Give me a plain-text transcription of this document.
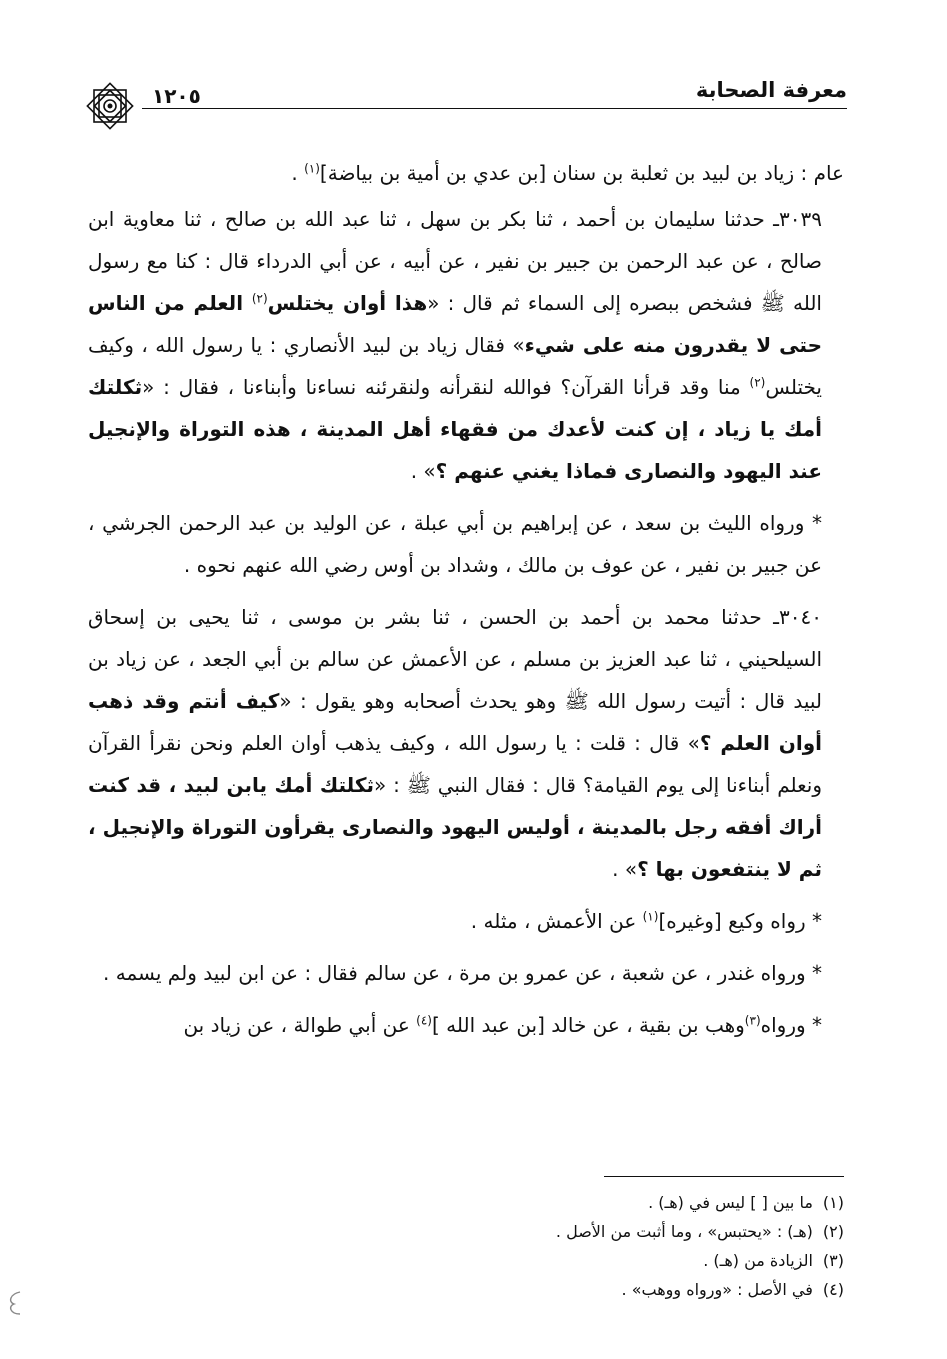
معرفة الصحابة
١٢٠٥

عام : زياد بن لبيد بن ثعلبة بن سنان [بن عدي بن أمية بن بياضة]$^{(١)}$ .

٣٠٣٩ـ حدثنا سليمان بن أحمد ، ثنا بكر بن سهل ، ثنا عبد الله بن صالح ، ثنا معاوية ابن صالح ، عن عبد الرحمن بن جبير بن نفير ، عن أبيه ، عن أبي الدرداء قال : كنا مع رسول الله ﷺ فشخص ببصره إلى السماء ثم قال : «هذا أوان يختلس$^{(٢)}$ العلم من الناس حتى لا يقدرون منه على شيء» فقال زياد بن لبيد الأنصاري : يا رسول الله ، وكيف يختلس$^{(٢)}$ منا وقد قرأنا القرآن؟ فوالله لنقرأنه ولنقرئنه نساءنا وأبناءنا ، فقال : «ثكلتك أمك يا زياد ، إن كنت لأعدك من فقهاء أهل المدينة ، هذه التوراة والإنجيل عند اليهود والنصارى فماذا يغني عنهم ؟» .

* ورواه الليث بن سعد ، عن إبراهيم بن أبي عبلة ، عن الوليد بن عبد الرحمن الجرشي ، عن جبير بن نفير ، عن عوف بن مالك ، وشداد بن أوس رضي الله عنهم نحوه .

٣٠٤٠ـ حدثنا محمد بن أحمد بن الحسن ، ثنا بشر بن موسى ، ثنا يحيى بن إسحاق السيلحيني ، ثنا عبد العزيز بن مسلم ، عن الأعمش عن سالم بن أبي الجعد ، عن زياد بن لبيد قال : أتيت رسول الله ﷺ وهو يحدث أصحابه وهو يقول : «كيف أنتم وقد ذهب أوان العلم ؟» قال : قلت : يا رسول الله ، وكيف يذهب أوان العلم ونحن نقرأ القرآن ونعلم أبناءنا إلى يوم القيامة؟ قال : فقال النبي ﷺ : «ثكلتك أمك يابن لبيد ، قد كنت أراك أفقه رجل بالمدينة ، أوليس اليهود والنصارى يقرأون التوراة والإنجيل ، ثم لا ينتفعون بها ؟» .

* رواه وكيع [وغيره]$^{(١)}$ عن الأعمش ، مثله .

* ورواه غندر ، عن شعبة ، عن عمرو بن مرة ، عن سالم فقال : عن ابن لبيد ولم يسمه .

* ورواه$^{(٣)}$وهب بن بقية ، عن خالد [بن عبد الله ]$^{(٤)}$ عن أبي طوالة ، عن زياد بن

(١)ما بين [ ] ليس في (هـ) .
(٢)(هـ) : «يحتبس» ، وما أثبت من الأصل .
(٣)الزيادة من (هـ) .
(٤)في الأصل : «ورواه ووهب» .
